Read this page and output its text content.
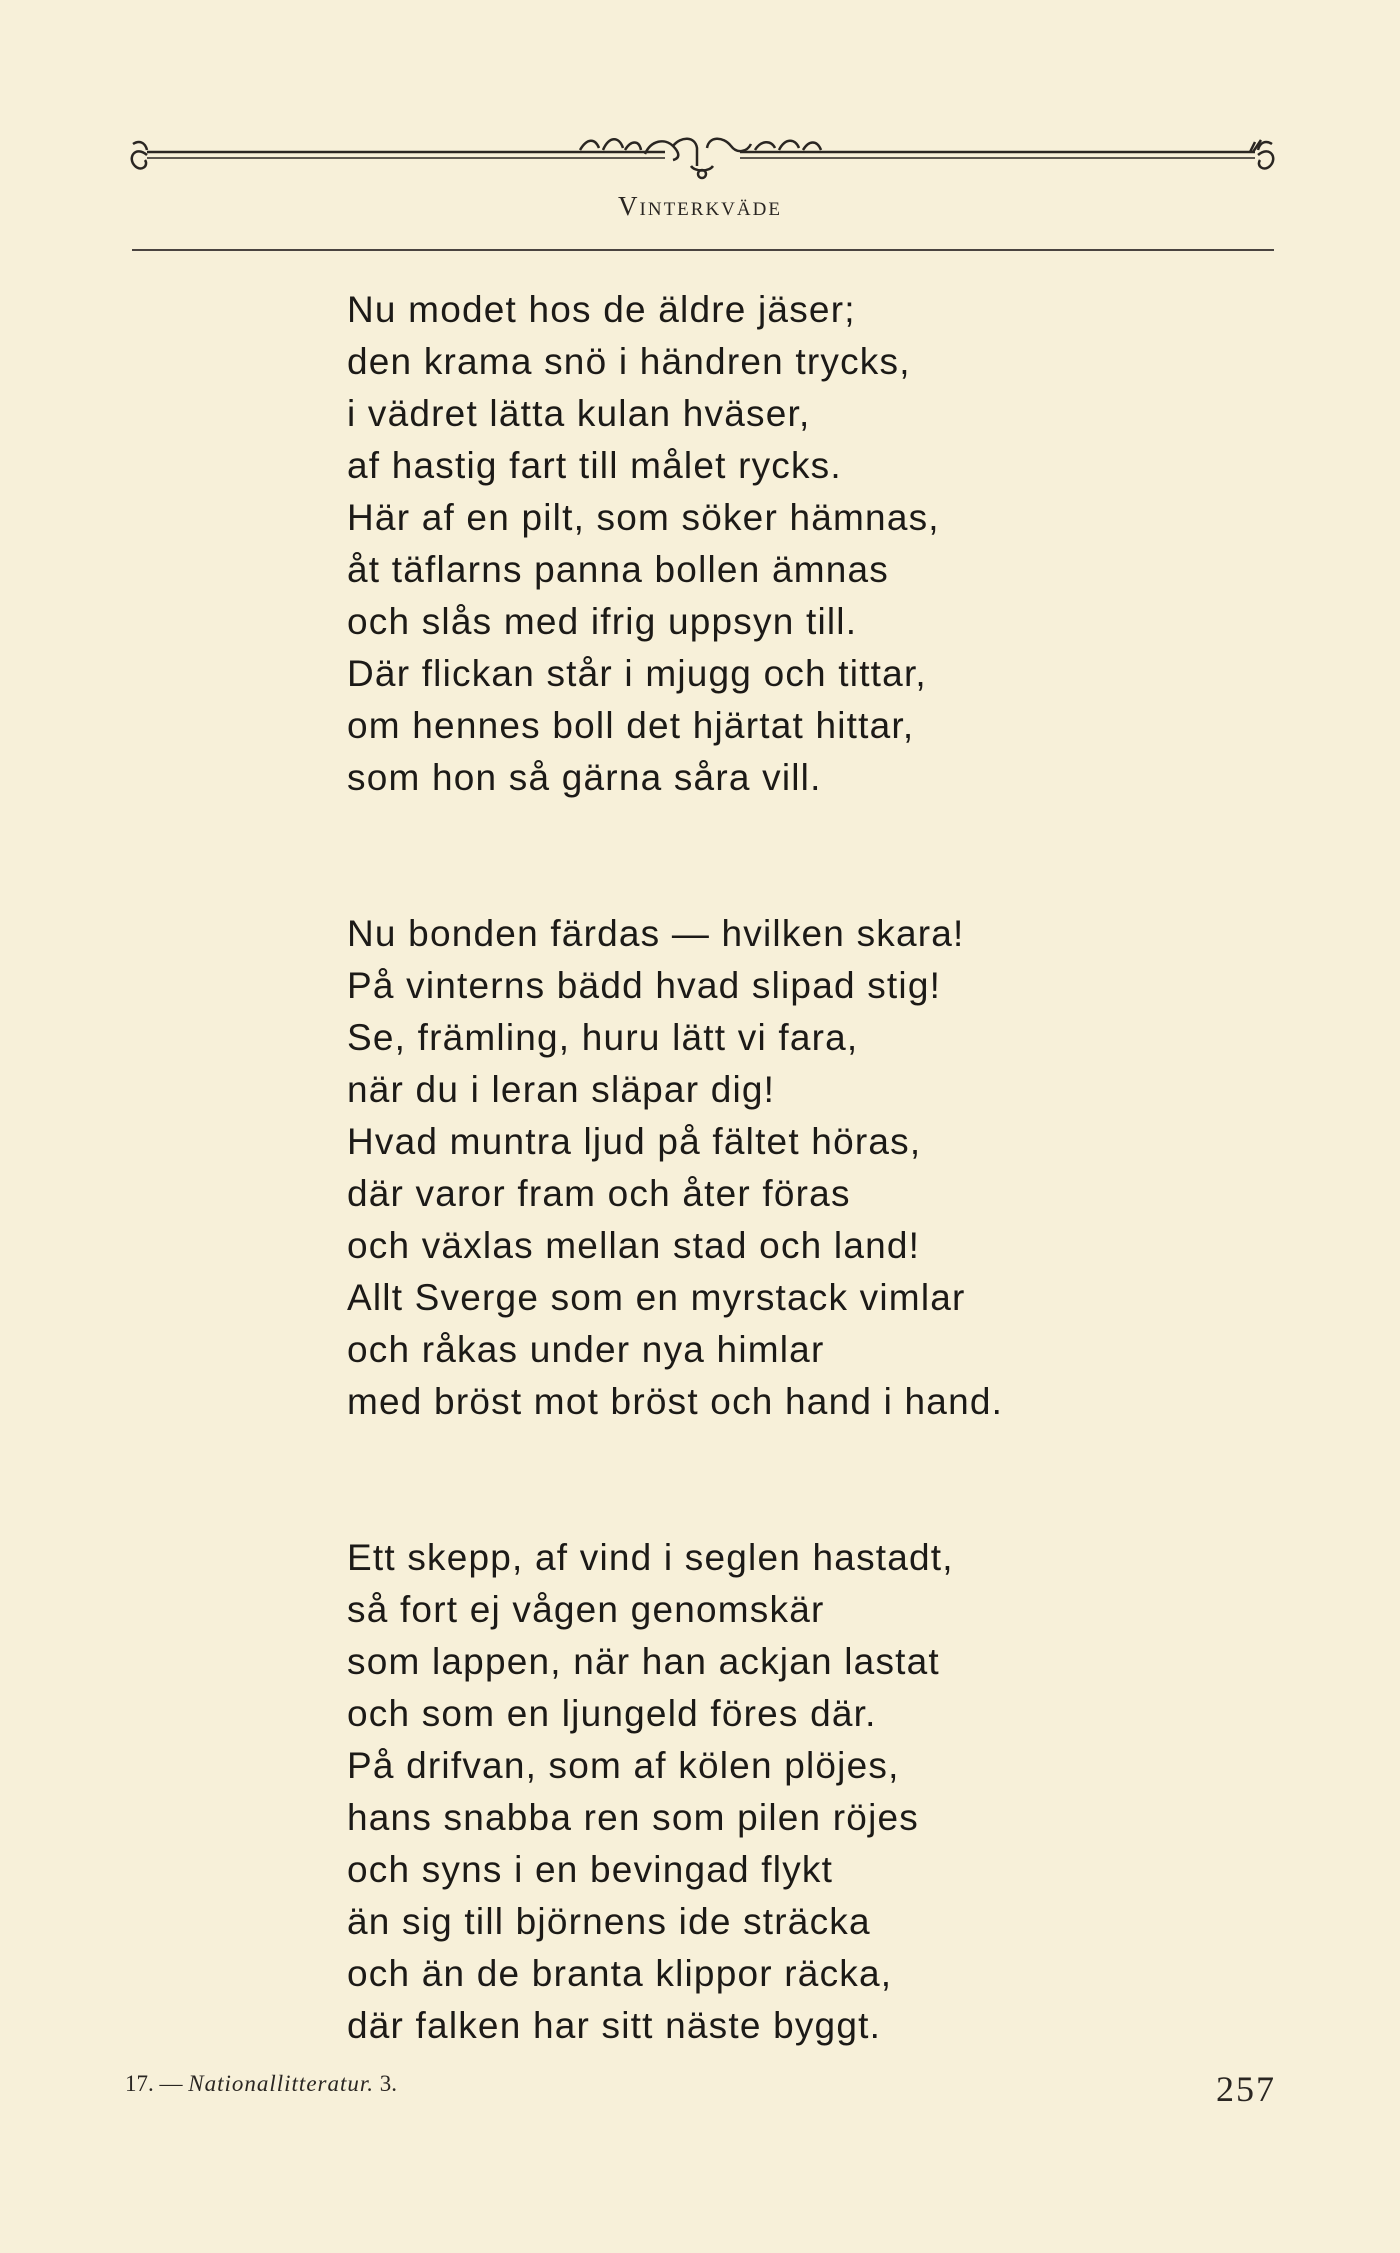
Vinterkväde
Nu modet hos de äldre jäser;
den krama snö i händren trycks,
i vädret lätta kulan hväser,
af hastig fart till målet rycks.
Här af en pilt, som söker hämnas,
åt täflarns panna bollen ämnas
och slås med ifrig uppsyn till.
Där flickan står i mjugg och tittar,
om hennes boll det hjärtat hittar,
som hon så gärna såra vill.
Nu bonden färdas — hvilken skara!
På vinterns bädd hvad slipad stig!
Se, främling, huru lätt vi fara,
när du i leran släpar dig!
Hvad muntra ljud på fältet höras,
där varor fram och åter föras
och växlas mellan stad och land!
Allt Sverge som en myrstack vimlar
och råkas under nya himlar
med bröst mot bröst och hand i hand.
Ett skepp, af vind i seglen hastadt,
så fort ej vågen genomskär
som lappen, när han ackjan lastat
och som en ljungeld föres där.
På drifvan, som af kölen plöjes,
hans snabba ren som pilen röjes
och syns i en bevingad flykt
än sig till björnens ide sträcka
och än de branta klippor räcka,
där falken har sitt näste byggt.
17. — Nationallitteratur. 3.	257
